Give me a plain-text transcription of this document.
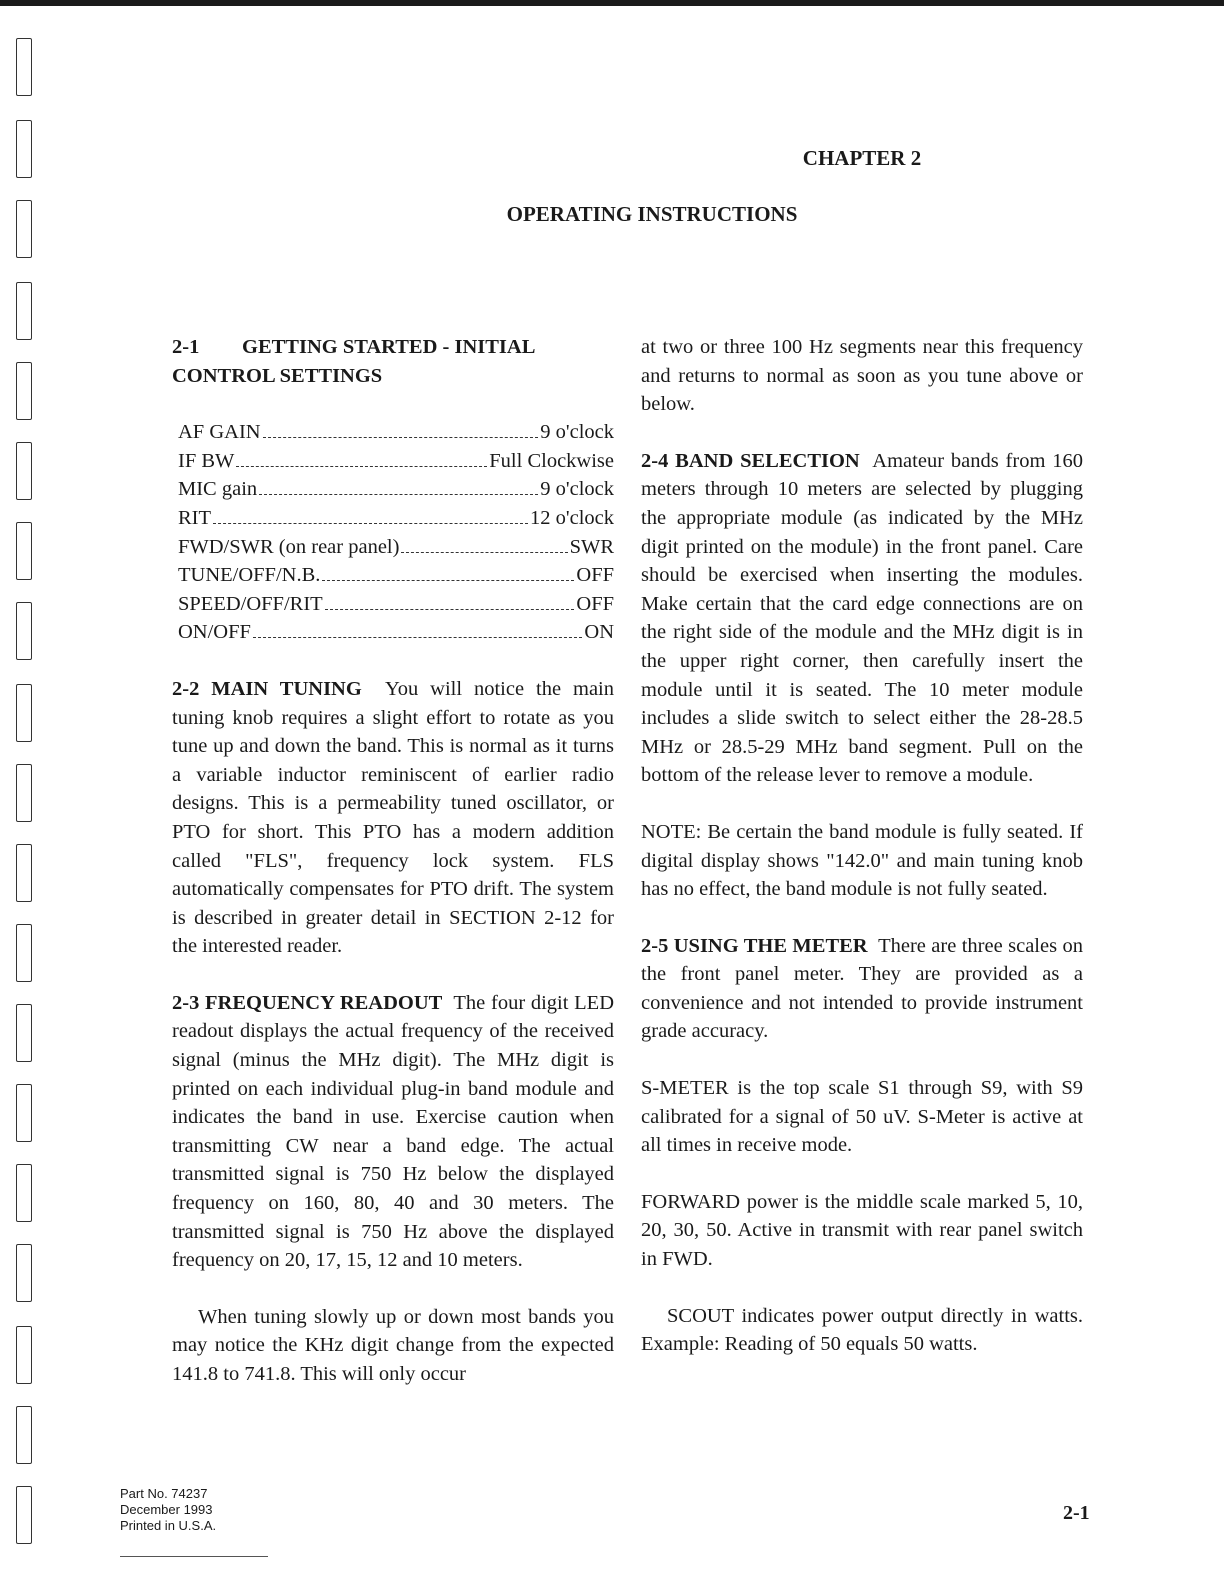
CHAPTER 2
OPERATING INSTRUCTIONS
2-1 GETTING STARTED - INITIAL CONTROL SETTINGS
AF GAIN	9 o'clock
IF BW	Full Clockwise
MIC gain	9 o'clock
RIT	12 o'clock
FWD/SWR (on rear panel)	SWR
TUNE/OFF/N.B.	OFF
SPEED/OFF/RIT	OFF
ON/OFF	ON

2-2 MAIN TUNING You will notice the main tuning knob requires a slight effort to rotate as you tune up and down the band. This is normal as it turns a variable inductor reminiscent of earlier radio designs. This is a permeability tuned oscillator, or PTO for short. This PTO has a modern addition called "FLS", frequency lock system. FLS automatically compensates for PTO drift. The system is described in greater detail in SECTION 2-12 for the interested reader.

2-3 FREQUENCY READOUT The four digit LED readout displays the actual frequency of the received signal (minus the MHz digit). The MHz digit is printed on each individual plug-in band module and indicates the band in use. Exercise caution when transmitting CW near a band edge. The actual transmitted signal is 750 Hz below the displayed frequency on 160, 80, 40 and 30 meters. The transmitted signal is 750 Hz above the displayed frequency on 20, 17, 15, 12 and 10 meters.

When tuning slowly up or down most bands you may notice the KHz digit change from the expected 141.8 to 741.8. This will only occur

at two or three 100 Hz segments near this frequency and returns to normal as soon as you tune above or below.

2-4 BAND SELECTION Amateur bands from 160 meters through 10 meters are selected by plugging the appropriate module (as indicated by the MHz digit printed on the module) in the front panel. Care should be exercised when inserting the modules. Make certain that the card edge connections are on the right side of the module and the MHz digit is in the upper right corner, then carefully insert the module until it is seated. The 10 meter module includes a slide switch to select either the 28-28.5 MHz or 28.5-29 MHz band segment. Pull on the bottom of the release lever to remove a module.

NOTE: Be certain the band module is fully seated. If digital display shows "142.0" and main tuning knob has no effect, the band module is not fully seated.

2-5 USING THE METER There are three scales on the front panel meter. They are provided as a convenience and not intended to provide instrument grade accuracy.

S-METER is the top scale S1 through S9, with S9 calibrated for a signal of 50 uV. S-Meter is active at all times in receive mode.

FORWARD power is the middle scale marked 5, 10, 20, 30, 50. Active in transmit with rear panel switch in FWD.

SCOUT indicates power output directly in watts. Example: Reading of 50 equals 50 watts.

Part No. 74237
December 1993
Printed in U.S.A.
2-1
